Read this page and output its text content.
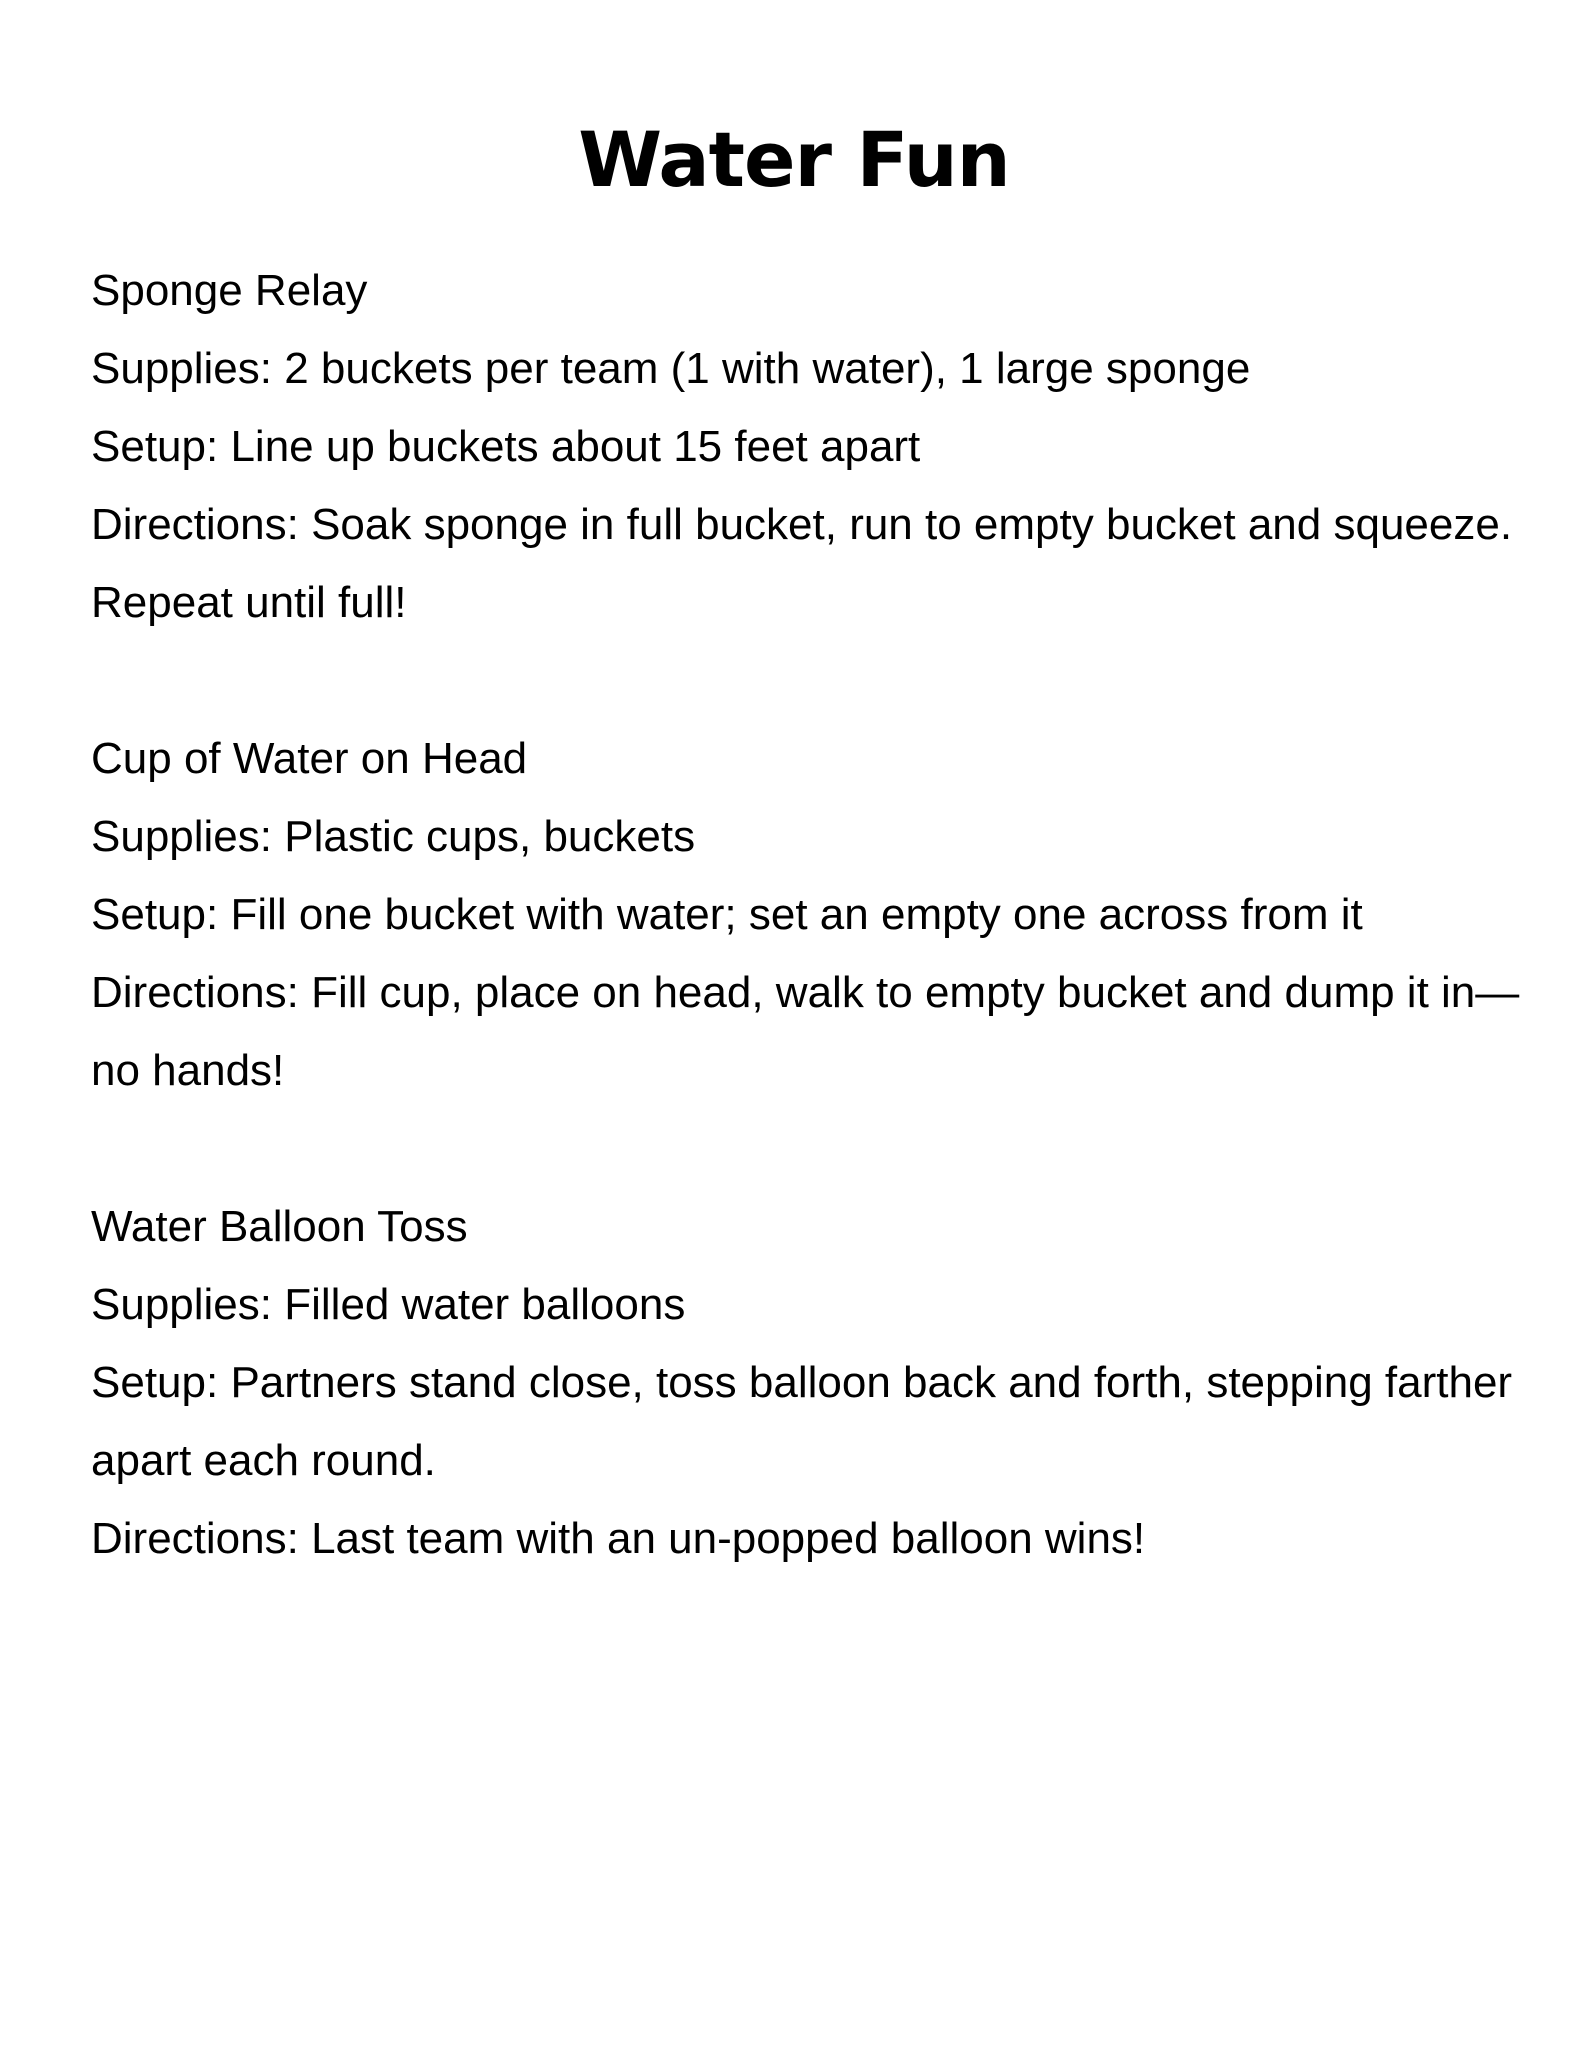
Water Fun

Sponge Relay

Supplies: 2 buckets per team (1 with water), 1 large sponge

Setup: Line up buckets about 15 feet apart

Directions: Soak sponge in full bucket, run to empty bucket and squeeze. Repeat until full!

Cup of Water on Head

Supplies: Plastic cups, buckets

Setup: Fill one bucket with water; set an empty one across from it

Directions: Fill cup, place on head, walk to empty bucket and dump it in—no hands!

Water Balloon Toss

Supplies: Filled water balloons

Setup: Partners stand close, toss balloon back and forth, stepping farther apart each round.

Directions: Last team with an un-popped balloon wins!
